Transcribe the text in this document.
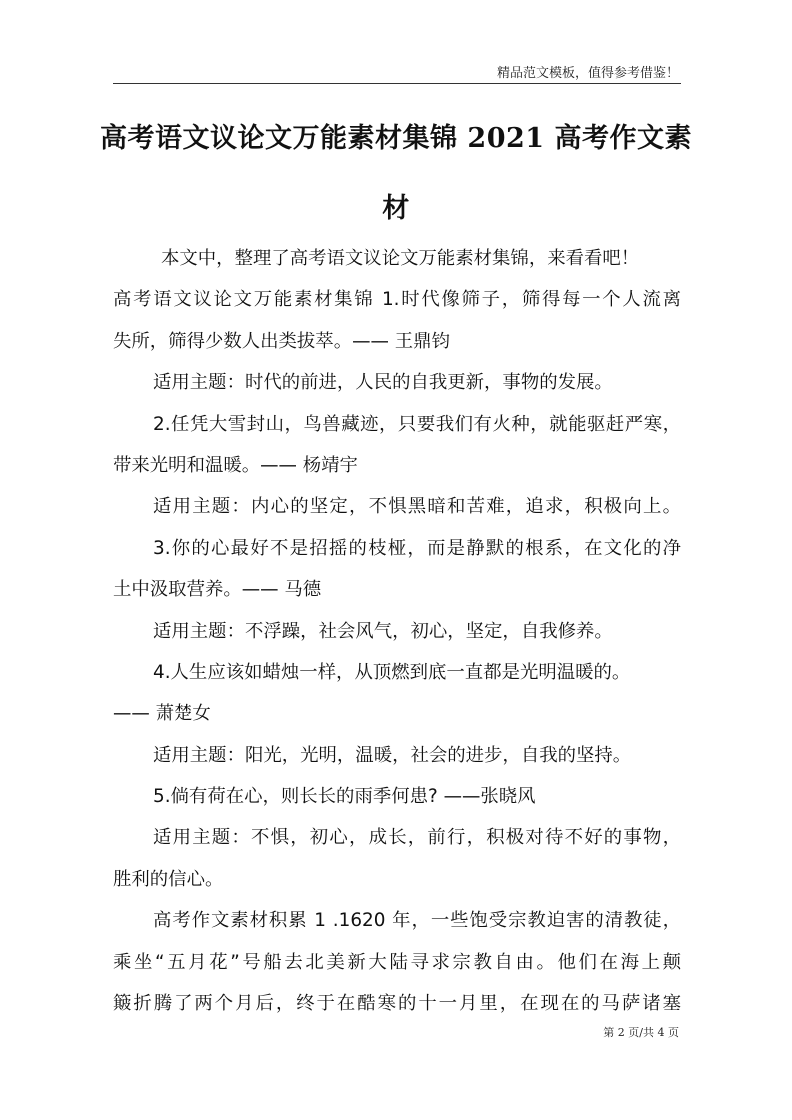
精品范文模板，值得参考借鉴！
高考语文议论文万能素材集锦 2021 高考作文素材
本文中，整理了高考语文议论文万能素材集锦，来看看吧！
高考语文议论文万能素材集锦 1.时代像筛子，筛得每一个人流离
失所，筛得少数人出类拔萃。—— 王鼎钧
适用主题：时代的前进，人民的自我更新，事物的发展。
2.任凭大雪封山，鸟兽藏迹，只要我们有火种，就能驱赶严寒，
带来光明和温暖。—— 杨靖宇
适用主题：内心的坚定，不惧黑暗和苦难，追求，积极向上。
3.你的心最好不是招摇的枝桠，而是静默的根系，在文化的净
土中汲取营养。—— 马德
适用主题：不浮躁，社会风气，初心，坚定，自我修养。
4.人生应该如蜡烛一样，从顶燃到底一直都是光明温暖的。
—— 萧楚女
适用主题：阳光，光明，温暖，社会的进步，自我的坚持。
5.倘有荷在心，则长长的雨季何患? ——张晓风
适用主题：不惧，初心，成长，前行，积极对待不好的事物，
胜利的信心。
高考作文素材积累 1 .1620 年，一些饱受宗教迫害的清教徒，
乘坐“五月花”号船去北美新大陆寻求宗教自由。他们在海上颠
簸折腾了两个月后，终于在酷寒的十一月里，在现在的马萨诸塞
第 2 页/共 4 页
